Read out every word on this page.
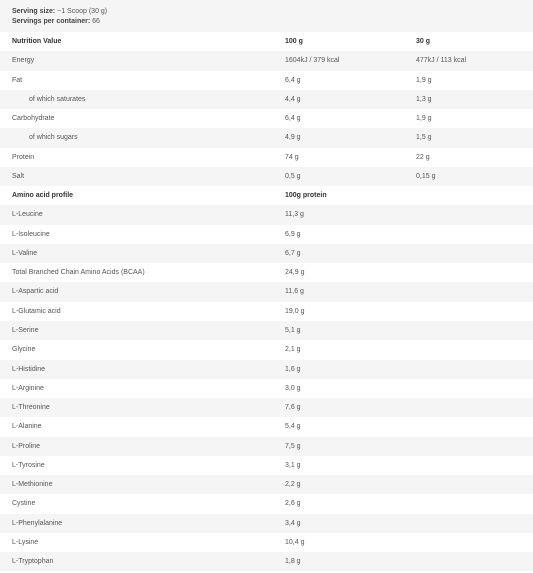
Serving size: ~1 Scoop (30 g)
Servings per container: 66
Nutrition Value	100 g	30 g
Energy	1604kJ / 379 kcal	477kJ / 113 kcal
Fat	6,4 g	1,9 g
of which saturates	4,4 g	1,3 g
Carbohydrate	6,4 g	1,9 g
of which sugars	4,9 g	1,5 g
Protein	74 g	22 g
Salt	0,5 g	0,15 g
Amino acid profile	100g protein
L-Leucine	11,3 g
L-Isoleucine	6,9 g
L-Valine	6,7 g
Total Branched Chain Amino Acids (BCAA)	24,9 g
L-Aspartic acid	11,6 g
L-Glutamic acid	19,0 g
L-Serine	5,1 g
Glycine	2,1 g
L-Histidine	1,6 g
L-Arginine	3,0 g
L-Threonine	7,6 g
L-Alanine	5,4 g
L-Proline	7,5 g
L-Tyrosine	3,1 g
L-Methionine	2,2 g
Cystine	2,6 g
L-Phenylalanine	3,4 g
L-Lysine	10,4 g
L-Tryptophan	1,8 g
